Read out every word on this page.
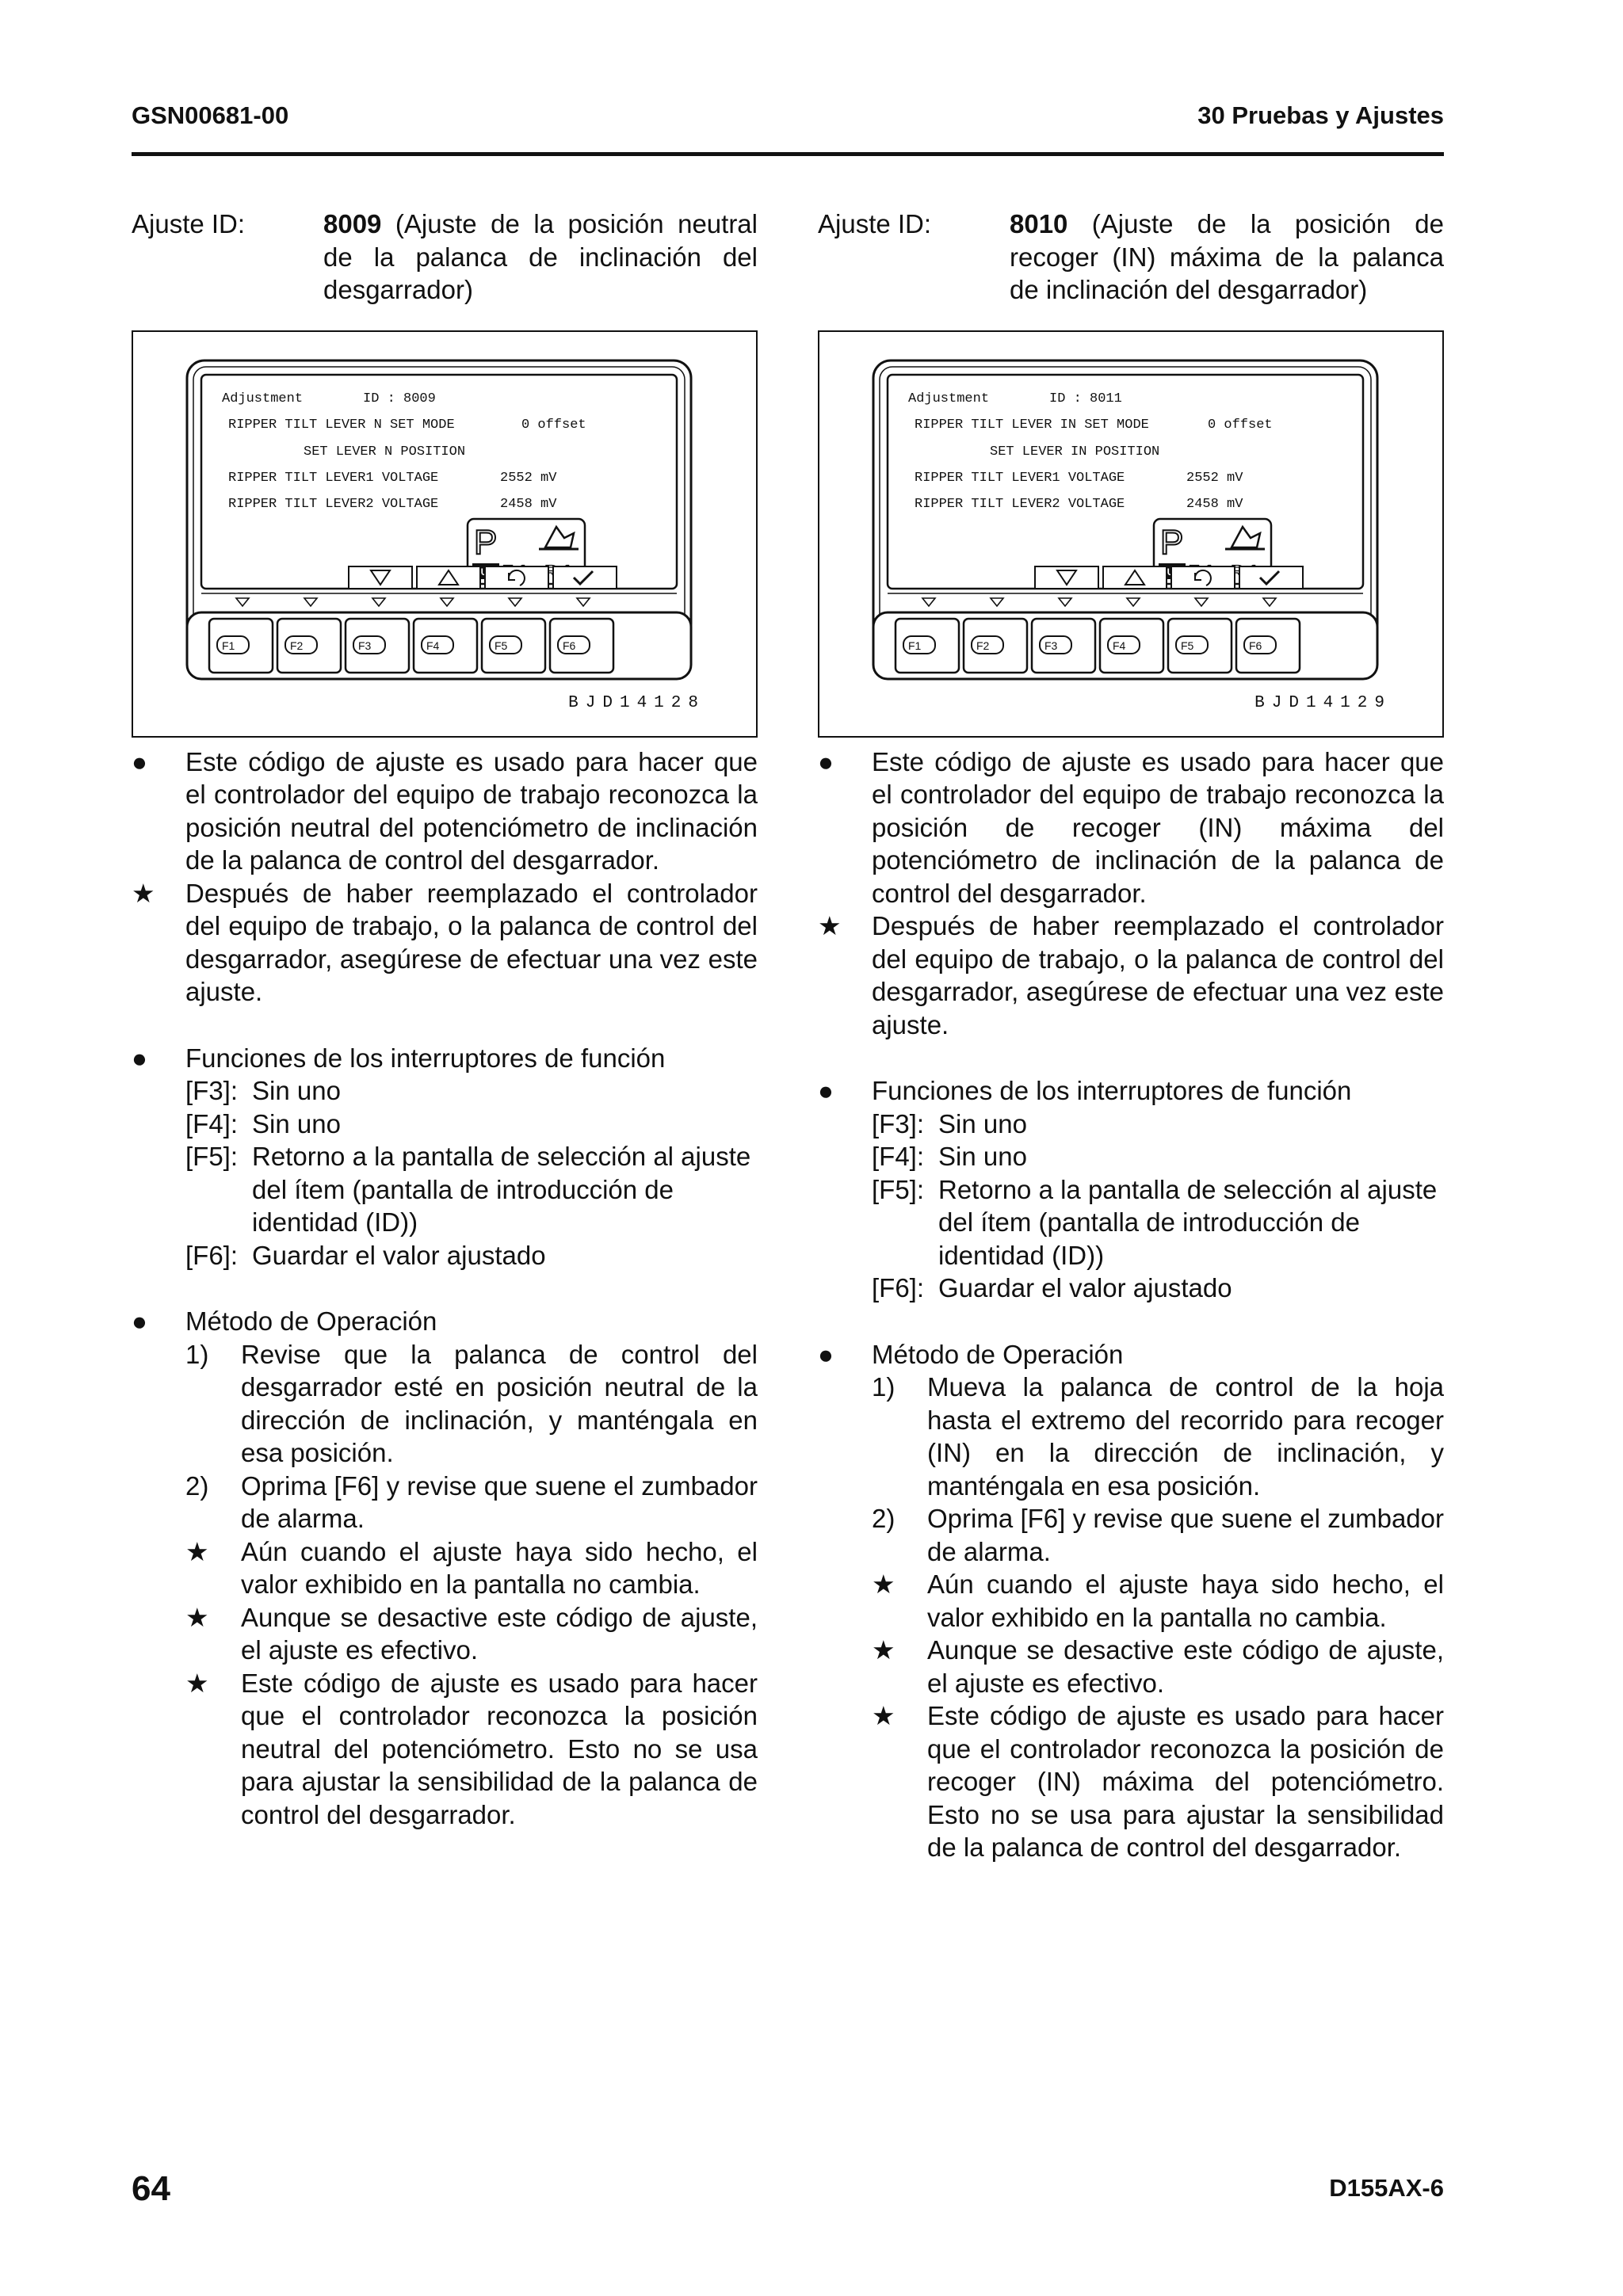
GSN00681-00	30 Pruebas y Ajustes
Ajuste ID:	8009 (Ajuste de la posición neutral de la palanca de inclinación del desgarrador)
Adjustment	ID : 8009
RIPPER TILT LEVER N SET MODE	0 offset
SET LEVER N POSITION
RIPPER TILT LEVER1 VOLTAGE	2552 mV
RIPPER TILT LEVER2 VOLTAGE	2458 mV
P
F1	F2	F3	F4	F5	F6
BJD14128
● Este código de ajuste es usado para hacer que el controlador del equipo de trabajo reconozca la posición neutral del potenciómetro de inclinación de la palanca de control del desgarrador.
★ Después de haber reemplazado el controlador del equipo de trabajo, o la palanca de control del desgarrador, asegúrese de efectuar una vez este ajuste.
● Funciones de los interruptores de función
[F3]: Sin uno
[F4]: Sin uno
[F5]: Retorno a la pantalla de selección al ajuste del ítem (pantalla de introducción de identidad (ID))
[F6]: Guardar el valor ajustado
● Método de Operación
1) Revise que la palanca de control del desgarrador esté en posición neutral de la dirección de inclinación, y manténgala en esa posición.
2) Oprima [F6] y revise que suene el zumbador de alarma.
★ Aún cuando el ajuste haya sido hecho, el valor exhibido en la pantalla no cambia.
★ Aunque se desactive este código de ajuste, el ajuste es efectivo.
★ Este código de ajuste es usado para hacer que el controlador reconozca la posición neutral del potenciómetro. Esto no se usa para ajustar la sensibilidad de la palanca de control del desgarrador.
Ajuste ID:	8010 (Ajuste de la posición de recoger (IN) máxima de la palanca de inclinación del desgarrador)
Adjustment	ID : 8011
RIPPER TILT LEVER IN SET MODE	0 offset
SET LEVER IN POSITION
RIPPER TILT LEVER1 VOLTAGE	2552 mV
RIPPER TILT LEVER2 VOLTAGE	2458 mV
P
F1	F2	F3	F4	F5	F6
BJD14129
● Este código de ajuste es usado para hacer que el controlador del equipo de trabajo reconozca la posición de recoger (IN) máxima del potenciómetro de inclinación de la palanca de control del desgarrador.
★ Después de haber reemplazado el controlador del equipo de trabajo, o la palanca de control del desgarrador, asegúrese de efectuar una vez este ajuste.
● Funciones de los interruptores de función
[F3]: Sin uno
[F4]: Sin uno
[F5]: Retorno a la pantalla de selección al ajuste del ítem (pantalla de introducción de identidad (ID))
[F6]: Guardar el valor ajustado
● Método de Operación
1) Mueva la palanca de control de la hoja hasta el extremo del recorrido para recoger (IN) en la dirección de inclinación, y manténgala en esa posición.
2) Oprima [F6] y revise que suene el zumbador de alarma.
★ Aún cuando el ajuste haya sido hecho, el valor exhibido en la pantalla no cambia.
★ Aunque se desactive este código de ajuste, el ajuste es efectivo.
★ Este código de ajuste es usado para hacer que el controlador reconozca la posición de recoger (IN) máxima del potenciómetro. Esto no se usa para ajustar la sensibilidad de la palanca de control del desgarrador.
64	D155AX-6
